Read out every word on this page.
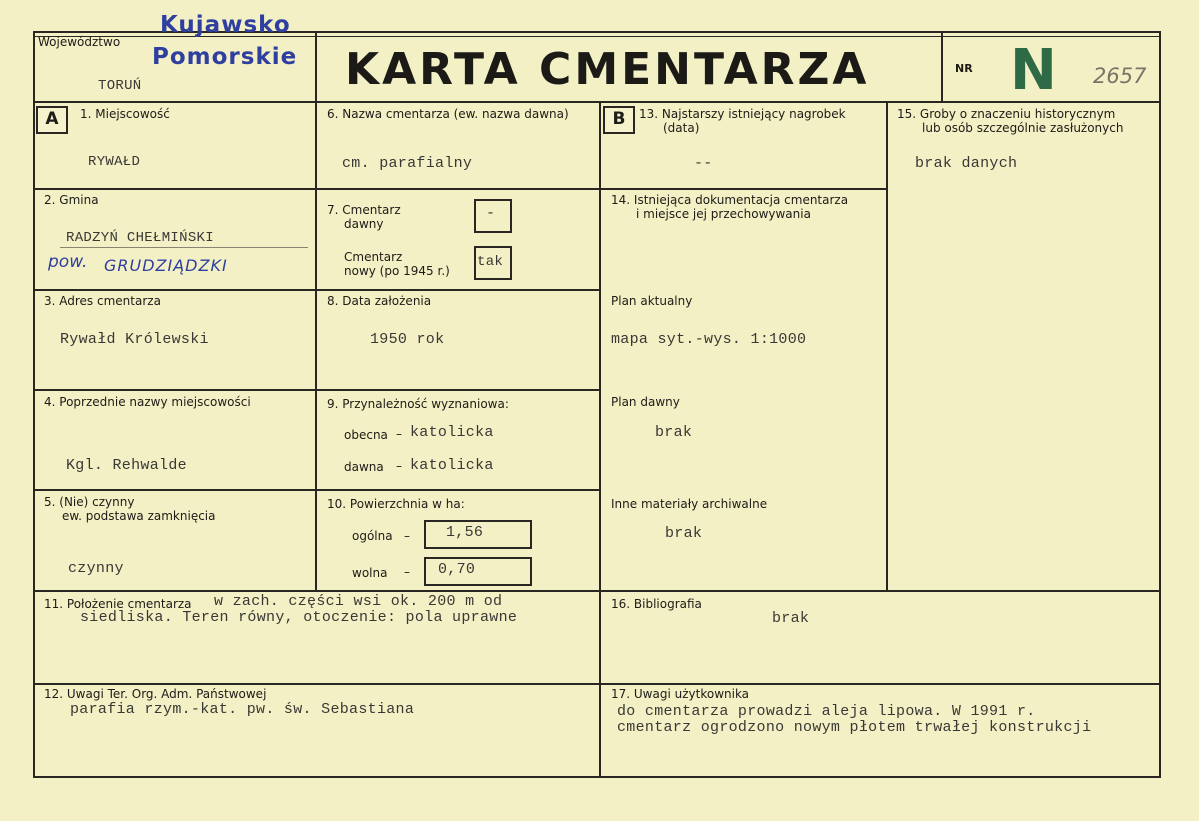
Województwo
Kujawsko
Pomorskie
TORUŃ	KARTA CMENTARZA	NR N 2657
A	B
1. Miejscowość
RYWAŁD
2. Gmina
RADZYŃ CHEŁMIŃSKI
pow. GRUDZIĄDZKI
3. Adres cmentarza
Rywałd Królewski
4. Poprzednie nazwy miejscowości
Kgl. Rehwalde
5. (Nie) czynny
ew. podstawa zamknięcia
czynny
6. Nazwa cmentarza (ew. nazwa dawna)
cm. parafialny
7. Cmentarz
dawny
-
Cmentarz
nowy (po 1945 r.)
tak
8. Data założenia
1950 rok
9. Przynależność wyznaniowa:
obecna – katolicka
dawna – katolicka
10. Powierzchnia w ha:
ogólna – 1,56
wolna – 0,70
13. Najstarszy istniejący nagrobek
(data)
--
14. Istniejąca dokumentacja cmentarza
i miejsce jej przechowywania
Plan aktualny
mapa syt.-wys. 1:1000
Plan dawny
brak
Inne materiały archiwalne
brak
15. Groby o znaczeniu historycznym
lub osób szczególnie zasłużonych
brak danych
11. Położenie cmentarza w zach. części wsi ok. 200 m od
siedliska. Teren równy, otoczenie: pola uprawne
16. Bibliografia
brak
12. Uwagi Ter. Org. Adm. Państwowej
parafia rzym.-kat. pw. św. Sebastiana
17. Uwagi użytkownika
do cmentarza prowadzi aleja lipowa. W 1991 r.
cmentarz ogrodzono nowym płotem trwałej konstrukcji
